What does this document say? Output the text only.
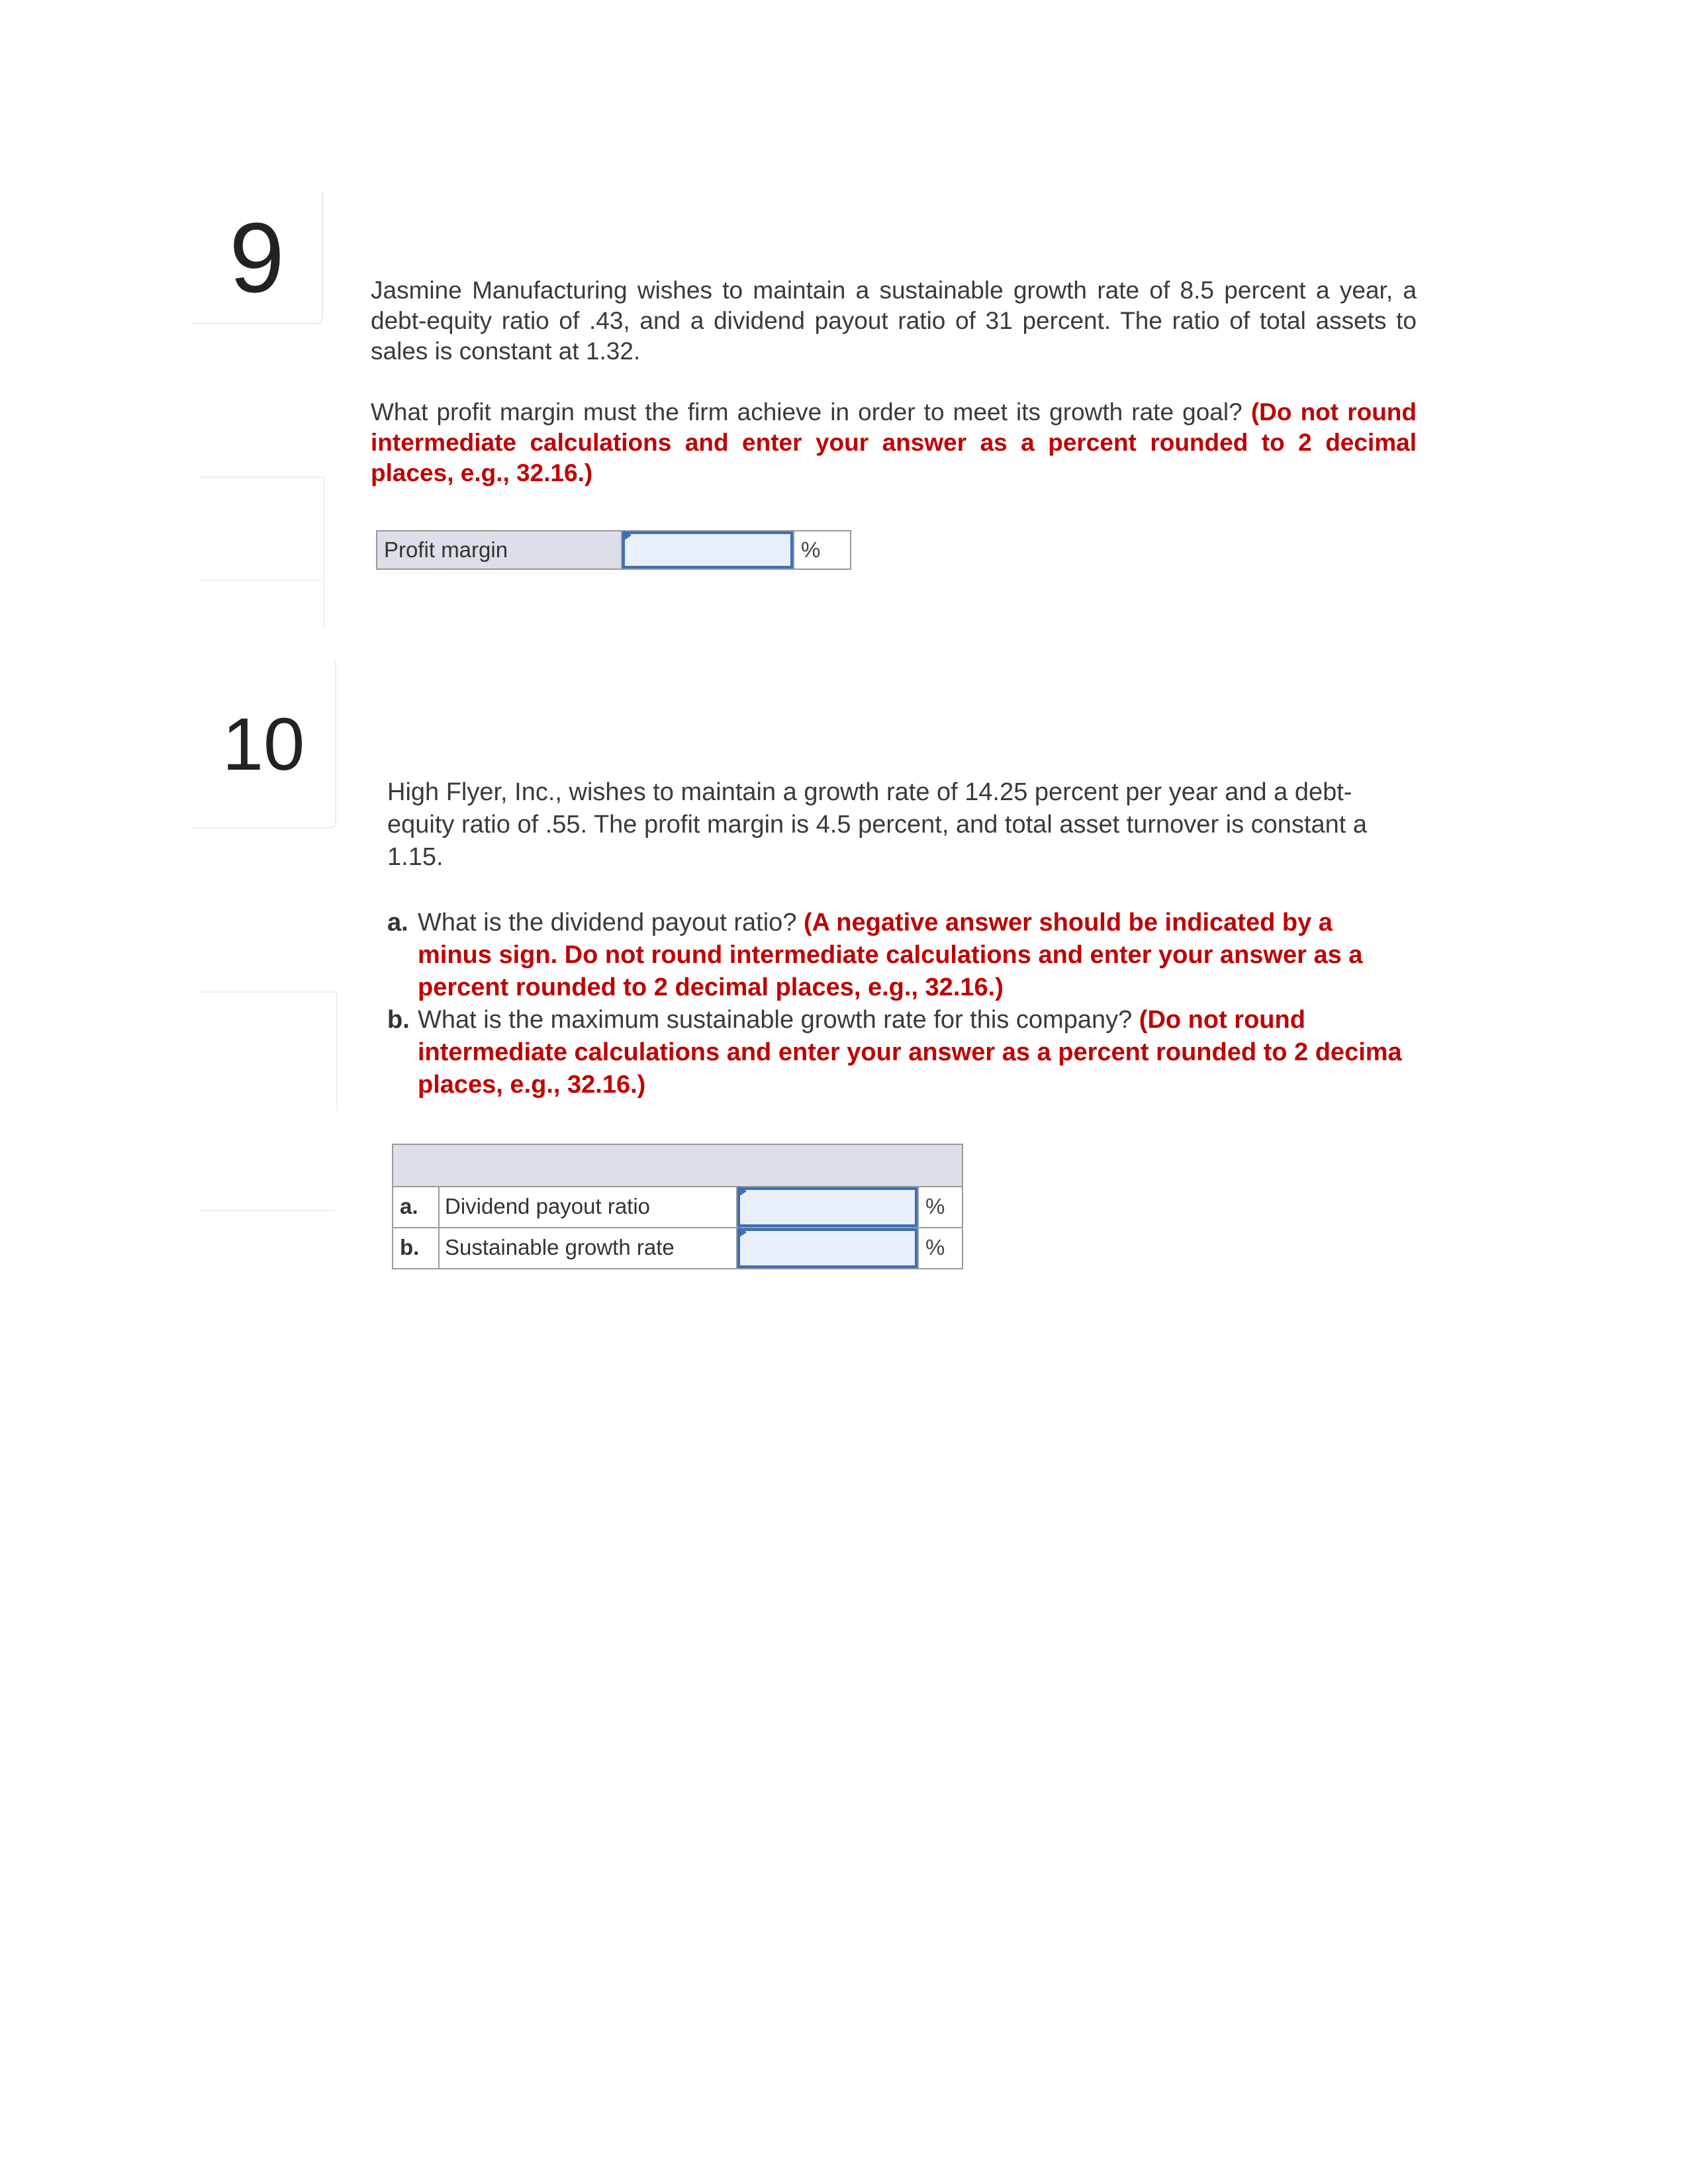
9	Jasmine Manufacturing wishes to maintain a sustainable growth rate of 8.5 percent a year, a debt-equity ratio of .43, and a dividend payout ratio of 31 percent. The ratio of total assets to sales is constant at 1.32.

What profit margin must the firm achieve in order to meet its growth rate goal? (Do not round intermediate calculations and enter your answer as a percent rounded to 2 decimal places, e.g., 32.16.)

Profit margin	%
10
High Flyer, Inc., wishes to maintain a growth rate of 14.25 percent per year and a debt-
equity ratio of .55. The profit margin is 4.5 percent, and total asset turnover is constant a
1.15.
a. What is the dividend payout ratio? (A negative answer should be indicated by a
minus sign. Do not round intermediate calculations and enter your answer as a
percent rounded to 2 decimal places, e.g., 32.16.)
b. What is the maximum sustainable growth rate for this company? (Do not round
intermediate calculations and enter your answer as a percent rounded to 2 decima
places, e.g., 32.16.)
a.	Dividend payout ratio	%
b.	Sustainable growth rate	%
